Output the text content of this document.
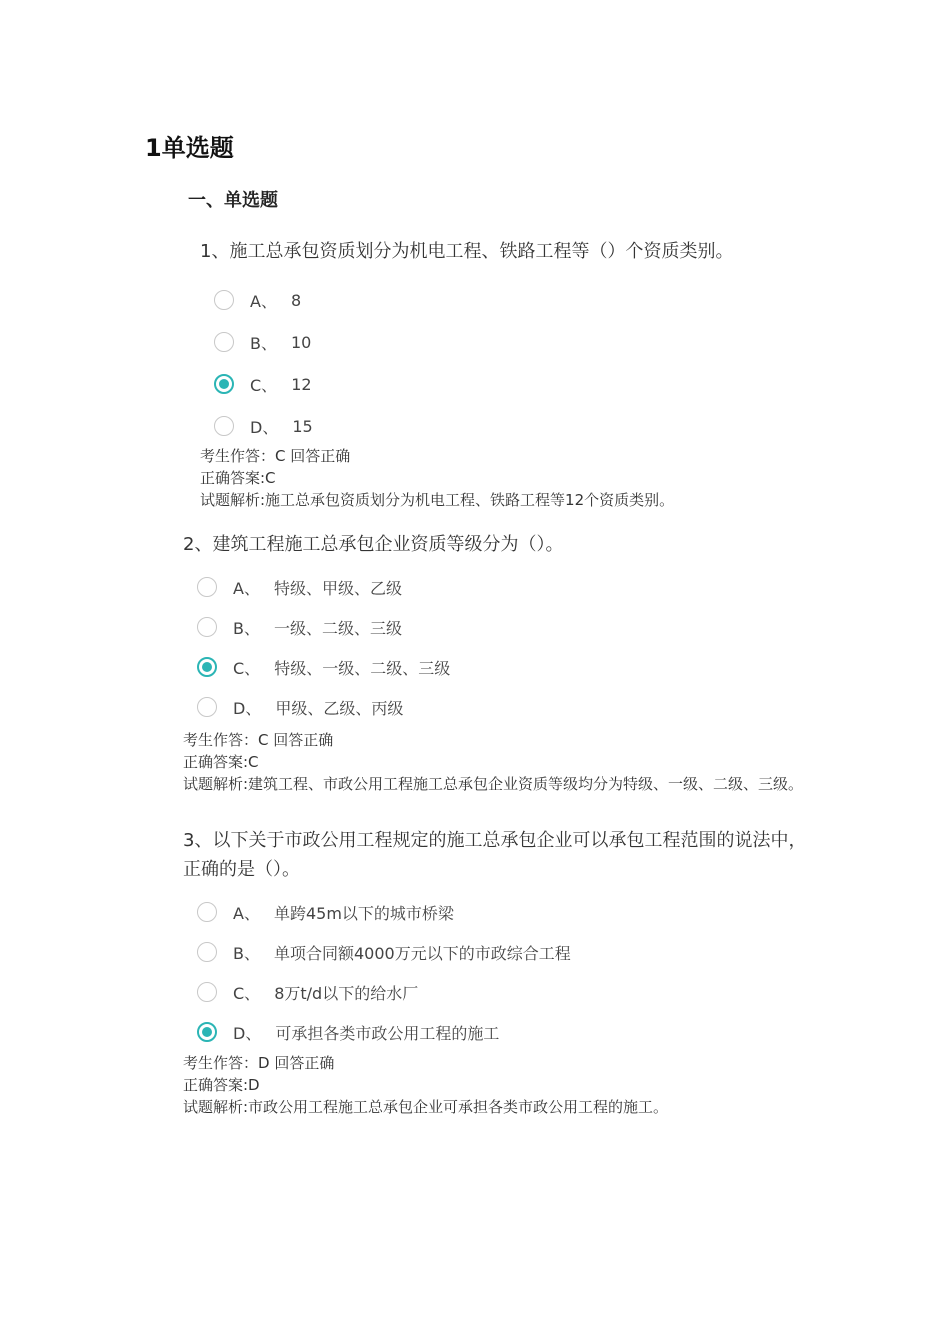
1单选题
一、单选题

1、施工总承包资质划分为机电工程、铁路工程等（）个资质类别。

A、 8
B、 10
C、 12
D、 15
考生作答：C 回答正确
正确答案:C
试题解析:施工总承包资质划分为机电工程、铁路工程等12个资质类别。

2、建筑工程施工总承包企业资质等级分为（）。

A、 特级、甲级、乙级
B、 一级、二级、三级
C、 特级、一级、二级、三级
D、 甲级、乙级、丙级
考生作答：C 回答正确
正确答案:C
试题解析:建筑工程、市政公用工程施工总承包企业资质等级均分为特级、一级、二级、三级。

3、以下关于市政公用工程规定的施工总承包企业可以承包工程范围的说法中，正确的是（）。

A、 单跨45m以下的城市桥梁
B、 单项合同额4000万元以下的市政综合工程
C、 8万t/d以下的给水厂
D、 可承担各类市政公用工程的施工
考生作答：D 回答正确
正确答案:D
试题解析:市政公用工程施工总承包企业可承担各类市政公用工程的施工。
